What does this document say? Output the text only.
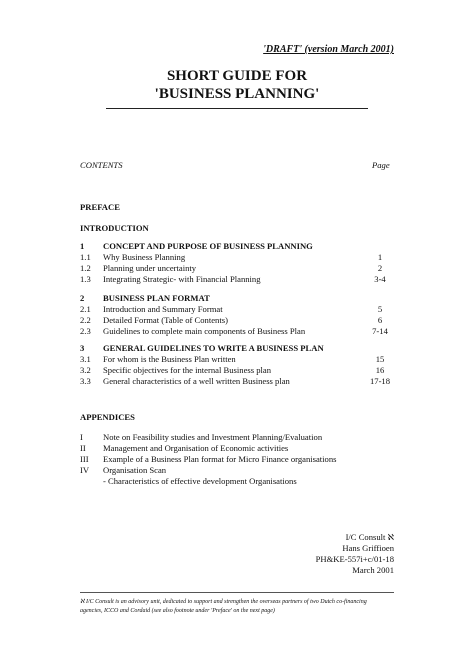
'DRAFT' (version March 2001)
SHORT GUIDE FOR
'BUSINESS PLANNING'
CONTENTS	Page
PREFACE
INTRODUCTION
1 CONCEPT AND PURPOSE OF BUSINESS PLANNING
1.1 Why Business Planning	1
1.2 Planning under uncertainty	2
1.3 Integrating Strategic- with Financial Planning	3-4
2 BUSINESS PLAN FORMAT
2.1 Introduction and Summary Format	5
2.2 Detailed Format (Table of Contents)	6
2.3 Guidelines to complete main components of Business Plan	7-14
3 GENERAL GUIDELINES TO WRITE A BUSINESS PLAN
3.1 For whom is the Business Plan written	15
3.2 Specific objectives for the internal Business plan	16
3.3 General characteristics of a well written Business plan	17-18
APPENDICES
I Note on Feasibility studies and Investment Planning/Evaluation
II Management and Organisation of Economic activities
III Example of a Business Plan format for Micro Finance organisations
IV Organisation Scan
- Characteristics of effective development Organisations
I/C Consult ℵ
Hans Griffioen
PH&KE-557i+c/01-18
March 2001
ℵ I/C Consult is an advisory unit, dedicated to support and strengthen the overseas partners of two Dutch co-financing
agencies, ICCO and Cordaid (see also footnote under 'Preface' on the next page)
